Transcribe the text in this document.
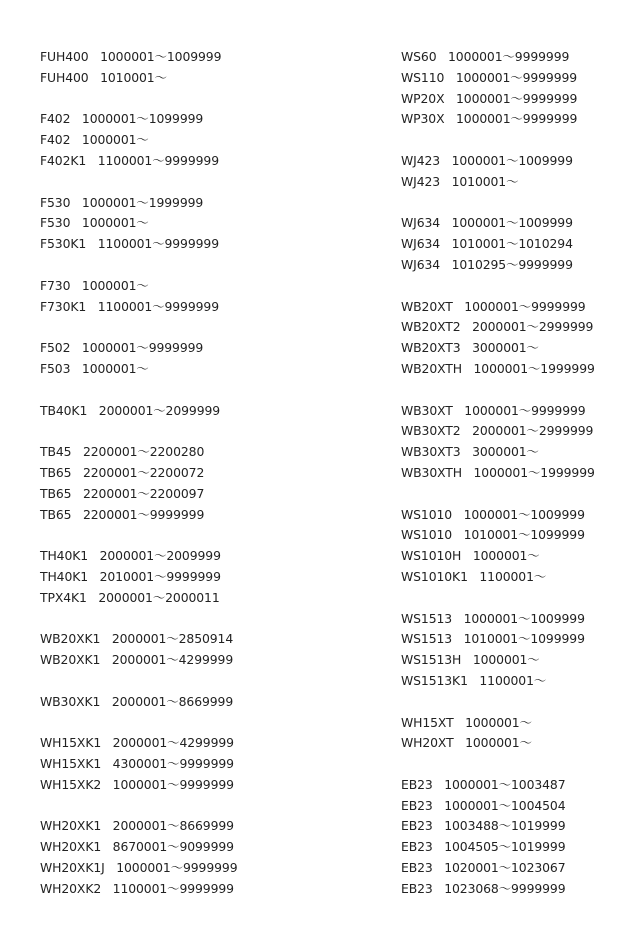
FUH400 1000001～1009999
FUH400 1010001～
F402 1000001～1099999
F402 1000001～
F402K1 1100001～9999999
F530 1000001～1999999
F530 1000001～
F530K1 1100001～9999999
F730 1000001～
F730K1 1100001～9999999
F502 1000001～9999999
F503 1000001～
TB40K1 2000001～2099999
TB45 2200001～2200280
TB65 2200001～2200072
TB65 2200001～2200097
TB65 2200001～9999999
TH40K1 2000001～2009999
TH40K1 2010001～9999999
TPX4K1 2000001～2000011
WB20XK1 2000001～2850914
WB20XK1 2000001～4299999
WB30XK1 2000001～8669999
WH15XK1 2000001～4299999
WH15XK1 4300001～9999999
WH15XK2 1000001～9999999
WH20XK1 2000001～8669999
WH20XK1 8670001～9099999
WH20XK1J 1000001～9999999
WH20XK2 1100001～9999999
WS60 1000001～9999999
WS110 1000001～9999999
WP20X 1000001～9999999
WP30X 1000001～9999999
WJ423 1000001～1009999
WJ423 1010001～
WJ634 1000001～1009999
WJ634 1010001～1010294
WJ634 1010295～9999999
WB20XT 1000001～9999999
WB20XT2 2000001～2999999
WB20XT3 3000001～
WB20XTH 1000001～1999999
WB30XT 1000001～9999999
WB30XT2 2000001～2999999
WB30XT3 3000001～
WB30XTH 1000001～1999999
WS1010 1000001～1009999
WS1010 1010001～1099999
WS1010H 1000001～
WS1010K1 1100001～
WS1513 1000001～1009999
WS1513 1010001～1099999
WS1513H 1000001～
WS1513K1 1100001～
WH15XT 1000001～
WH20XT 1000001～
EB23 1000001～1003487
EB23 1000001～1004504
EB23 1003488～1019999
EB23 1004505～1019999
EB23 1020001～1023067
EB23 1023068～9999999
